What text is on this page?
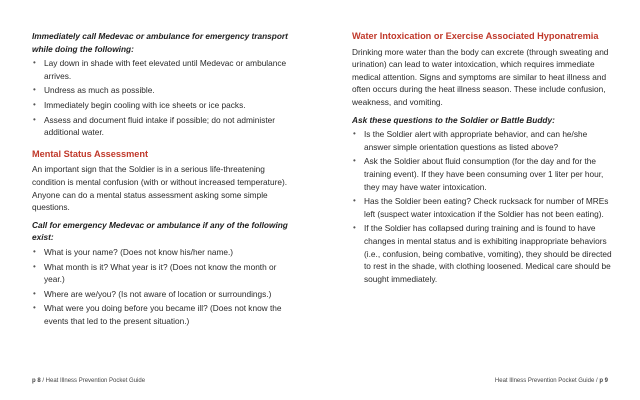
Immediately call Medevac or ambulance for emergency transport while doing the following:

• Lay down in shade with feet elevated until Medevac or ambulance arrives.
• Undress as much as possible.
• Immediately begin cooling with ice sheets or ice packs.
• Assess and document fluid intake if possible; do not administer additional water.

Mental Status Assessment

An important sign that the Soldier is in a serious life-threatening condition is mental confusion (with or without increased temperature).

Anyone can do a mental status assessment asking some simple questions.

Call for emergency Medevac or ambulance if any of the following exist:

• What is your name? (Does not know his/her name.)
• What month is it? What year is it? (Does not know the month or year.)
• Where are we/you? (Is not aware of location or surroundings.)
• What were you doing before you became ill? (Does not know the events that led to the present situation.)

Water Intoxication or Exercise Associated Hyponatremia

Drinking more water than the body can excrete (through sweating and urination) can lead to water intoxication, which requires immediate medical attention. Signs and symptoms are similar to heat illness and often occurs during the heat illness season. These include confusion, weakness, and vomiting.

Ask these questions to the Soldier or Battle Buddy:

• Is the Soldier alert with appropriate behavior, and can he/she answer simple orientation questions as listed above?
• Ask the Soldier about fluid consumption (for the day and for the training event). If they have been consuming over 1 liter per hour, they may have water intoxication.
• Has the Soldier been eating? Check rucksack for number of MREs left (suspect water intoxication if the Soldier has not been eating).
• If the Soldier has collapsed during training and is found to have changes in mental status and is exhibiting inappropriate behaviors (i.e., confusion, being combative, vomiting), they should be directed to rest in the shade, with clothing loosened. Medical care should be sought immediately.
p 8 / Heat Illness Prevention Pocket Guide	Heat Illness Prevention Pocket Guide / p 9
